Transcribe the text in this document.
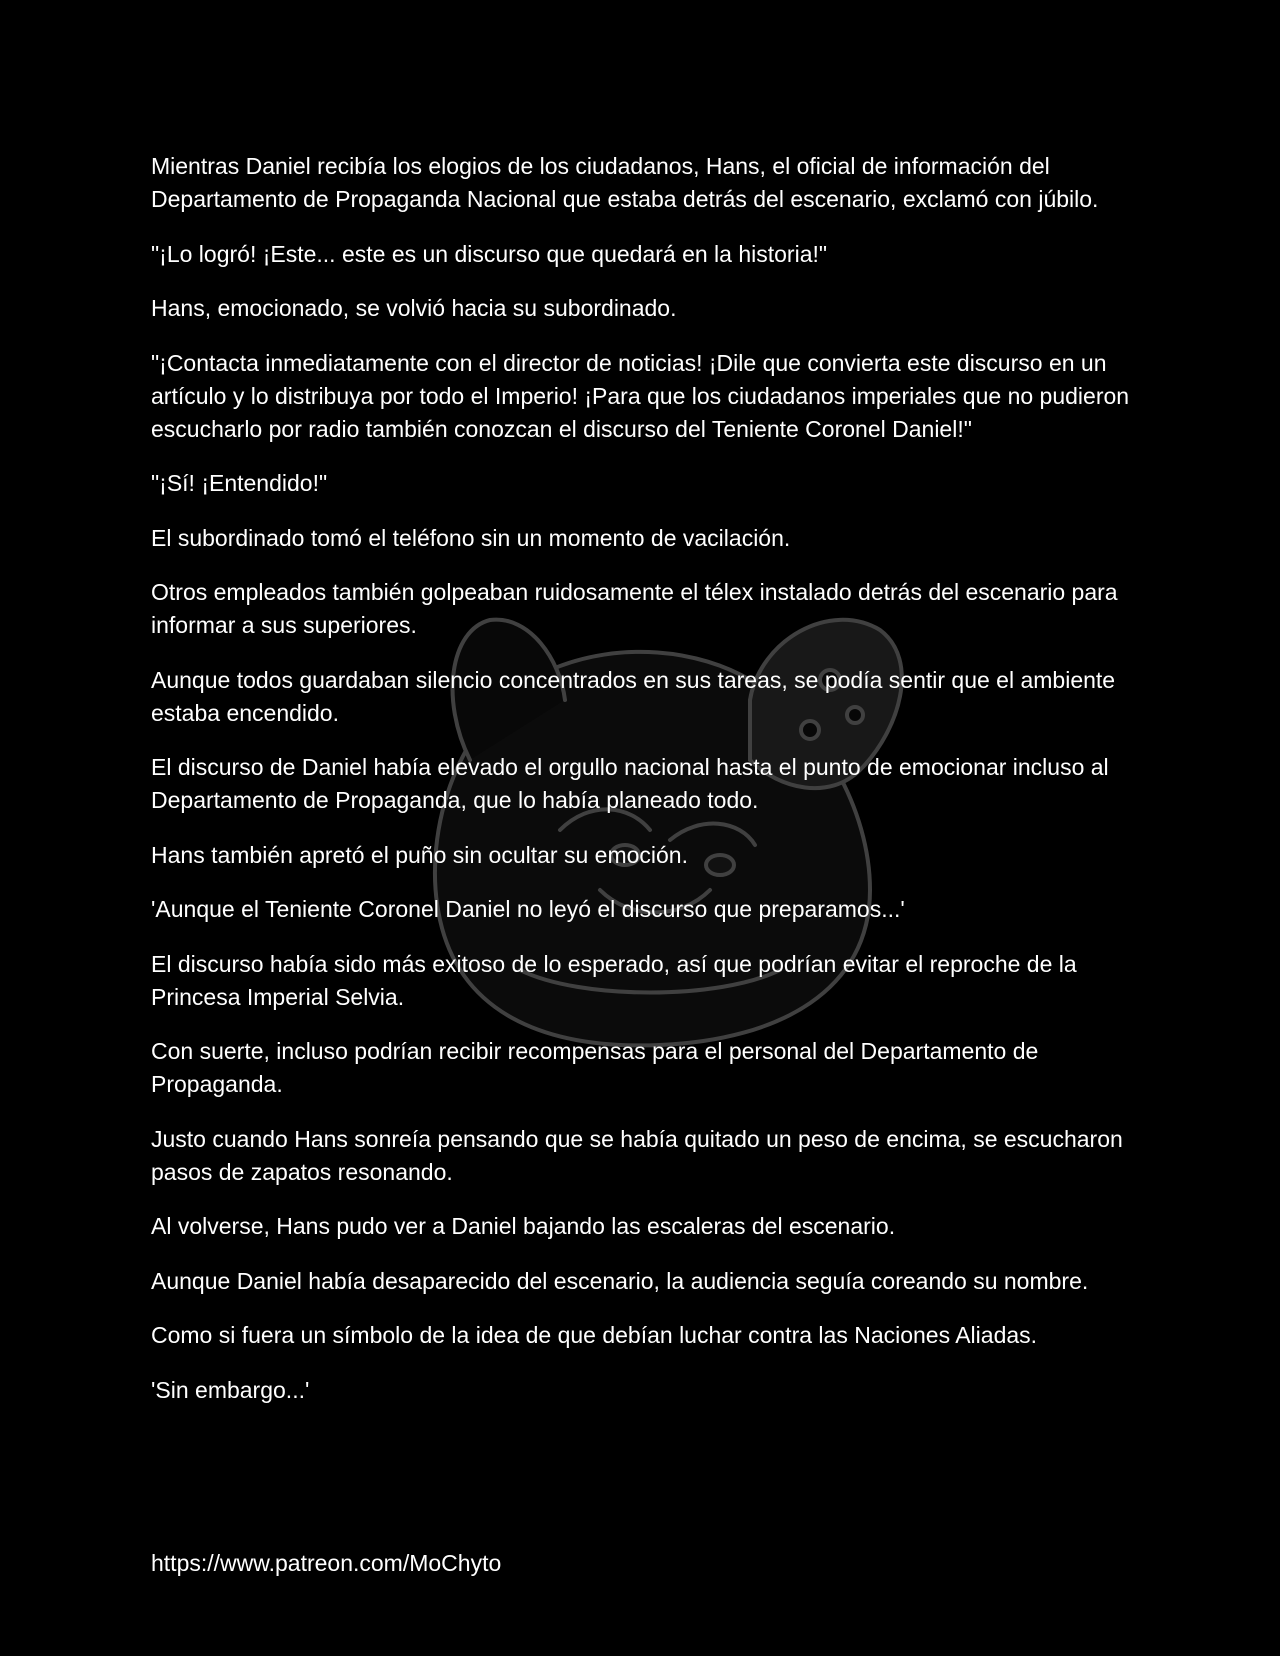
Mientras Daniel recibía los elogios de los ciudadanos, Hans, el oficial de información del Departamento de Propaganda Nacional que estaba detrás del escenario, exclamó con júbilo.

"¡Lo logró! ¡Este... este es un discurso que quedará en la historia!"

Hans, emocionado, se volvió hacia su subordinado.

"¡Contacta inmediatamente con el director de noticias! ¡Dile que convierta este discurso en un artículo y lo distribuya por todo el Imperio! ¡Para que los ciudadanos imperiales que no pudieron escucharlo por radio también conozcan el discurso del Teniente Coronel Daniel!"

"¡Sí! ¡Entendido!"

El subordinado tomó el teléfono sin un momento de vacilación.

Otros empleados también golpeaban ruidosamente el télex instalado detrás del escenario para informar a sus superiores.

Aunque todos guardaban silencio concentrados en sus tareas, se podía sentir que el ambiente estaba encendido.

El discurso de Daniel había elevado el orgullo nacional hasta el punto de emocionar incluso al Departamento de Propaganda, que lo había planeado todo.

Hans también apretó el puño sin ocultar su emoción.

'Aunque el Teniente Coronel Daniel no leyó el discurso que preparamos...'

El discurso había sido más exitoso de lo esperado, así que podrían evitar el reproche de la Princesa Imperial Selvia.

Con suerte, incluso podrían recibir recompensas para el personal del Departamento de Propaganda.

Justo cuando Hans sonreía pensando que se había quitado un peso de encima, se escucharon pasos de zapatos resonando.

Al volverse, Hans pudo ver a Daniel bajando las escaleras del escenario.

Aunque Daniel había desaparecido del escenario, la audiencia seguía coreando su nombre.

Como si fuera un símbolo de la idea de que debían luchar contra las Naciones Aliadas.

'Sin embargo...'

https://www.patreon.com/MoChyto
